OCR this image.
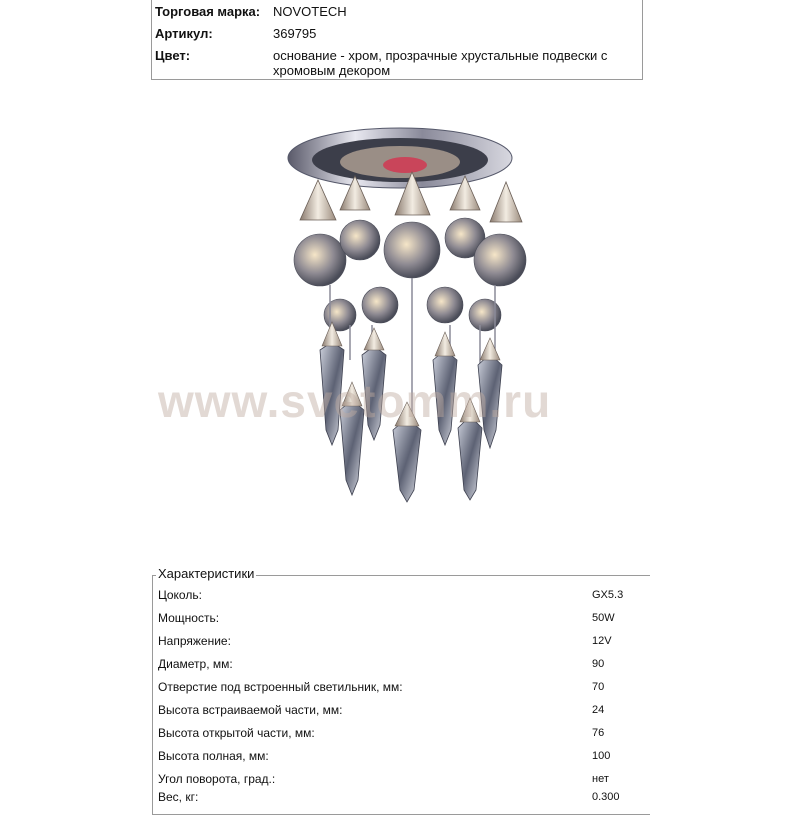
Торговая марка: NOVOTECH
Артикул:	369795
Цвет:	основание - хром, прозрачные хрустальные подвески с хромовым декором
www.svetomm.ru
Характеристики
Цоколь:	GX5.3
Мощность:	50W
Напряжение:	12V
Диаметр, мм:	90
Отверстие под встроенный светильник, мм:	70
Высота встраиваемой части, мм:	24
Высота открытой части, мм:	76
Высота полная, мм:	100
Угол поворота, град.:	нет
Вес, кг:	0.300
